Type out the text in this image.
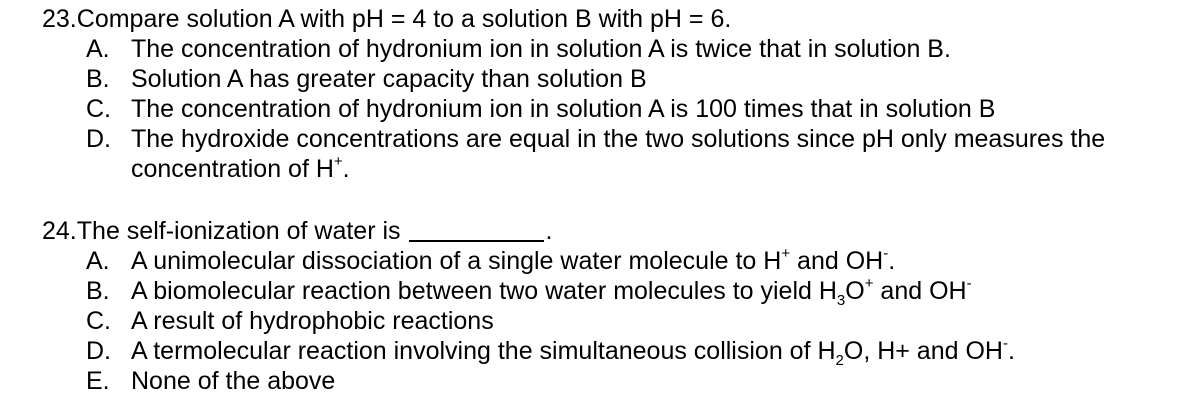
23. Compare solution A with pH = 4 to a solution B with pH = 6.
A. The concentration of hydronium ion in solution A is twice that in solution B.
B. Solution A has greater capacity than solution B
C. The concentration of hydronium ion in solution A is 100 times that in solution B
D. The hydroxide concentrations are equal in the two solutions since pH only measures the concentration of H+.
24. The self-ionization of water is	.
A. A unimolecular dissociation of a single water molecule to H+ and OH-.
B. A biomolecular reaction between two water molecules to yield $H_3O^+$ and OH-
C. A result of hydrophobic reactions
D. A termolecular reaction involving the simultaneous collision of $H_2O$, H+ and OH-.
E. None of the above
